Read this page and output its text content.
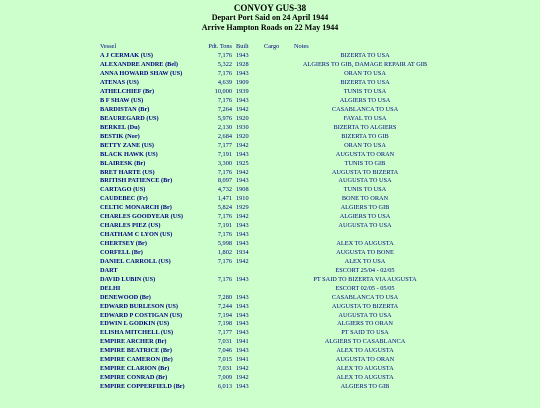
CONVOY GUS-38
Depart Port Said on 24 April 1944
Arrive Hampton Roads on 22 May 1944
Vessel	Pdt. Tons	Built	Cargo	Notes
A J CERMAK (US)	7,176	1943		BIZERTA TO USA
ALEXANDRE ANDRE (Bel)	5,322	1928		ALGIERS TO GIB, DAMAGE REPAIR AT GIB
ANNA HOWARD SHAW (US)	7,176	1943		ORAN TO USA
ATENAS (US)	4,639	1909		BIZERTA TO USA
ATHELCHIEF (Br)	10,000	1939		TUNIS TO USA
B F SHAW (US)	7,176	1943		ALGIERS TO USA
BARDISTAN (Br)	7,264	1942		CASABLANCA TO USA
BEAUREGARD (US)	5,976	1920		FAYAL TO USA
BERKEL (Du)	2,130	1930		BIZERTA TO ALGIERS
BESTIK (Nor)	2,684	1920		BIZERTA TO GIB
BETTY ZANE (US)	7,177	1942		ORAN TO USA
BLACK HAWK (US)	7,191	1943		AUGUSTA TO ORAN
BLAIRESK (Br)	3,300	1925		TUNIS TO GIB
BRET HARTE (US)	7,176	1942		AUGUSTA TO BIZERTA
BRITISH PATIENCE (Br)	8,097	1943		AUGUSTA TO USA
CARTAGO (US)	4,732	1908		TUNIS TO USA
CAUDEBEC (Fr)	1,471	1910		BONE TO ORAN
CELTIC MONARCH (Br)	5,824	1929		ALGIERS TO GIB
CHARLES GOODYEAR (US)	7,176	1942		ALGIERS TO USA
CHARLES PIEZ (US)	7,191	1943		AUGUSTA TO USA
CHATHAM C LYON (US)	7,176	1943		
CHERTSEY (Br)	5,998	1943		ALEX TO AUGUSTA
CORFELL (Br)	1,802	1934		AUGUSTA TO BONE
DANIEL CARROLL (US)	7,176	1942		ALEX TO USA
DART				ESCORT 25/04 - 02/05
DAVID LUBIN (US)	7,176	1943		PT SAID TO BIZERTA VIA AUGUSTA
DELHI				ESCORT 02/05 - 05/05
DENEWOOD (Br)	7,280	1943		CASABLANCA TO USA
EDWARD BURLESON (US)	7,244	1943		AUGUSTA TO BIZERTA
EDWARD P COSTIGAN (US)	7,194	1943		AUGUSTA TO USA
EDWIN L GODKIN (US)	7,198	1943		ALGIERS TO ORAN
ELISHA MITCHELL (US)	7,177	1943		PT SAID TO USA
EMPIRE ARCHER (Br)	7,031	1941		ALGIERS TO CASABLANCA
EMPIRE BEATRICE (Br)	7,046	1943		ALEX TO AUGUSTA
EMPIRE CAMERON (Br)	7,015	1941		AUGUSTA TO ORAN
EMPIRE CLARION (Br)	7,031	1942		ALEX TO AUGUSTA
EMPIRE CONRAD (Br)	7,009	1942		ALEX TO AUGUSTA
EMPIRE COPPERFIELD (Br)	6,013	1943		ALGIERS TO GIB
